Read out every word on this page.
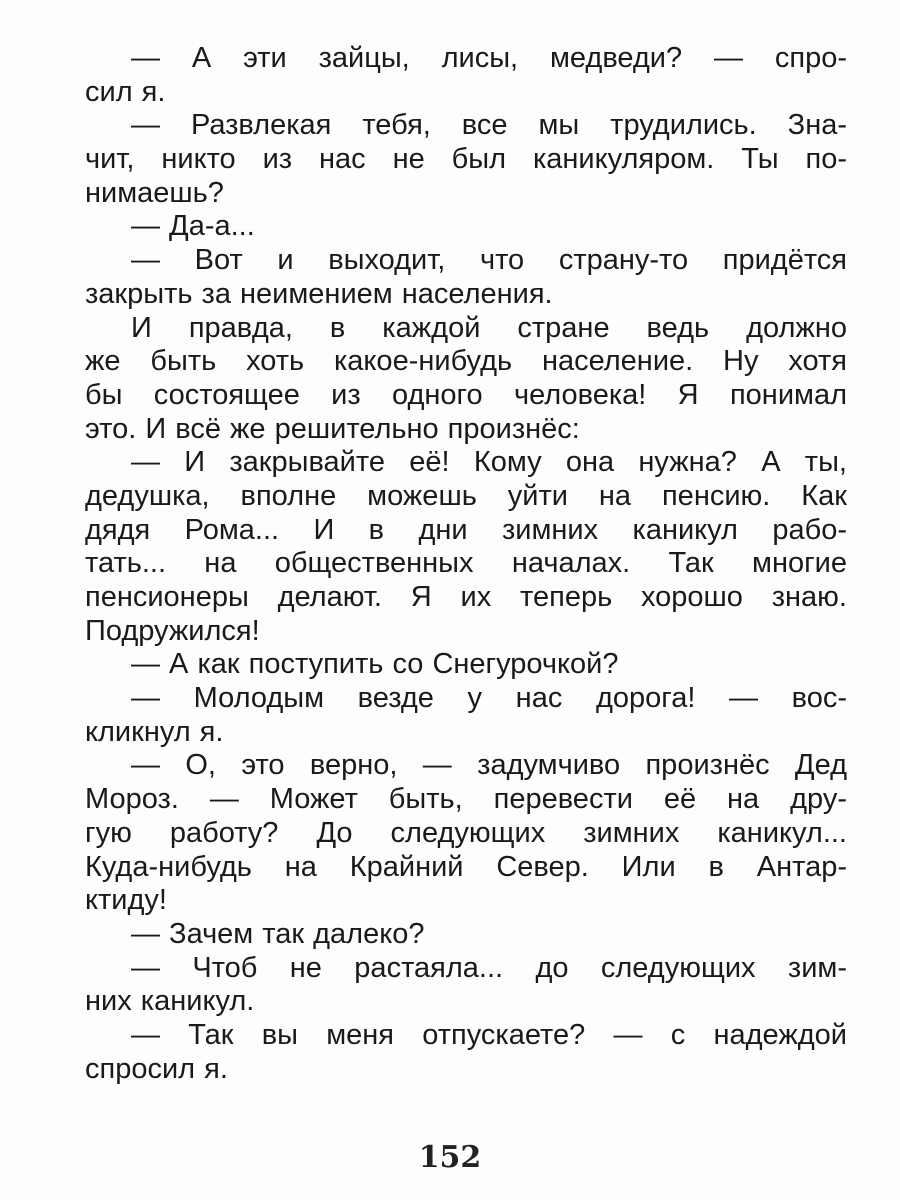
— А эти зайцы, лисы, медведи? — спро-
сил я.
— Развлекая тебя, все мы трудились. Зна-
чит, никто из нас не был каникуляром. Ты по-
нимаешь?
— Да-а...
— Вот и выходит, что страну-то придётся
закрыть за неимением населения.
И правда, в каждой стране ведь должно
же быть хоть какое-нибудь население. Ну хотя
бы состоящее из одного человека! Я понимал
это. И всё же решительно произнёс:
— И закрывайте её! Кому она нужна? А ты,
дедушка, вполне можешь уйти на пенсию. Как
дядя Рома... И в дни зимних каникул рабо-
тать... на общественных началах. Так многие
пенсионеры делают. Я их теперь хорошо знаю.
Подружился!
— А как поступить со Снегурочкой?
— Молодым везде у нас дорога! — вос-
кликнул я.
— О, это верно, — задумчиво произнёс Дед
Мороз. — Может быть, перевести её на дру-
гую работу? До следующих зимних каникул...
Куда-нибудь на Крайний Север. Или в Антар-
ктиду!
— Зачем так далеко?
— Чтоб не растаяла... до следующих зим-
них каникул.
— Так вы меня отпускаете? — с надеждой
спросил я.
152
